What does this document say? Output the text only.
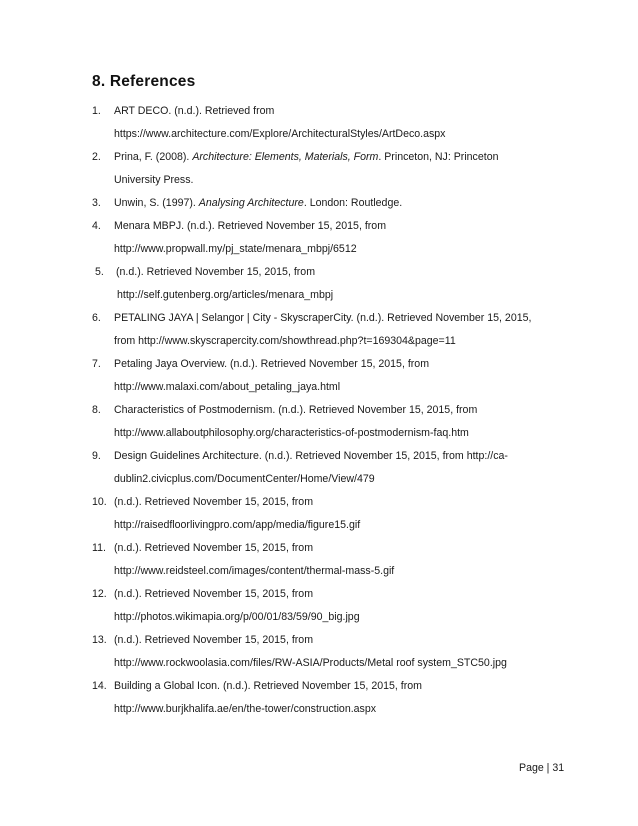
8. References
1. ART DECO. (n.d.). Retrieved from
https://www.architecture.com/Explore/ArchitecturalStyles/ArtDeco.aspx
2. Prina, F. (2008). Architecture: Elements, Materials, Form. Princeton, NJ: Princeton
University Press.
3. Unwin, S. (1997). Analysing Architecture. London: Routledge.
4. Menara MBPJ. (n.d.). Retrieved November 15, 2015, from
http://www.propwall.my/pj_state/menara_mbpj/6512
5. (n.d.). Retrieved November 15, 2015, from
http://self.gutenberg.org/articles/menara_mbpj
6. PETALING JAYA | Selangor | City - SkyscraperCity. (n.d.). Retrieved November 15, 2015,
from http://www.skyscrapercity.com/showthread.php?t=169304&page=11
7. Petaling Jaya Overview. (n.d.). Retrieved November 15, 2015, from
http://www.malaxi.com/about_petaling_jaya.html
8. Characteristics of Postmodernism. (n.d.). Retrieved November 15, 2015, from
http://www.allaboutphilosophy.org/characteristics-of-postmodernism-faq.htm
9. Design Guidelines Architecture. (n.d.). Retrieved November 15, 2015, from http://ca-
dublin2.civicplus.com/DocumentCenter/Home/View/479
10. (n.d.). Retrieved November 15, 2015, from
http://raisedfloorlivingpro.com/app/media/figure15.gif
11. (n.d.). Retrieved November 15, 2015, from
http://www.reidsteel.com/images/content/thermal-mass-5.gif
12. (n.d.). Retrieved November 15, 2015, from
http://photos.wikimapia.org/p/00/01/83/59/90_big.jpg
13. (n.d.). Retrieved November 15, 2015, from
http://www.rockwoolasia.com/files/RW-ASIA/Products/Metal roof system_STC50.jpg
14. Building a Global Icon. (n.d.). Retrieved November 15, 2015, from
http://www.burjkhalifa.ae/en/the-tower/construction.aspx
Page | 31
